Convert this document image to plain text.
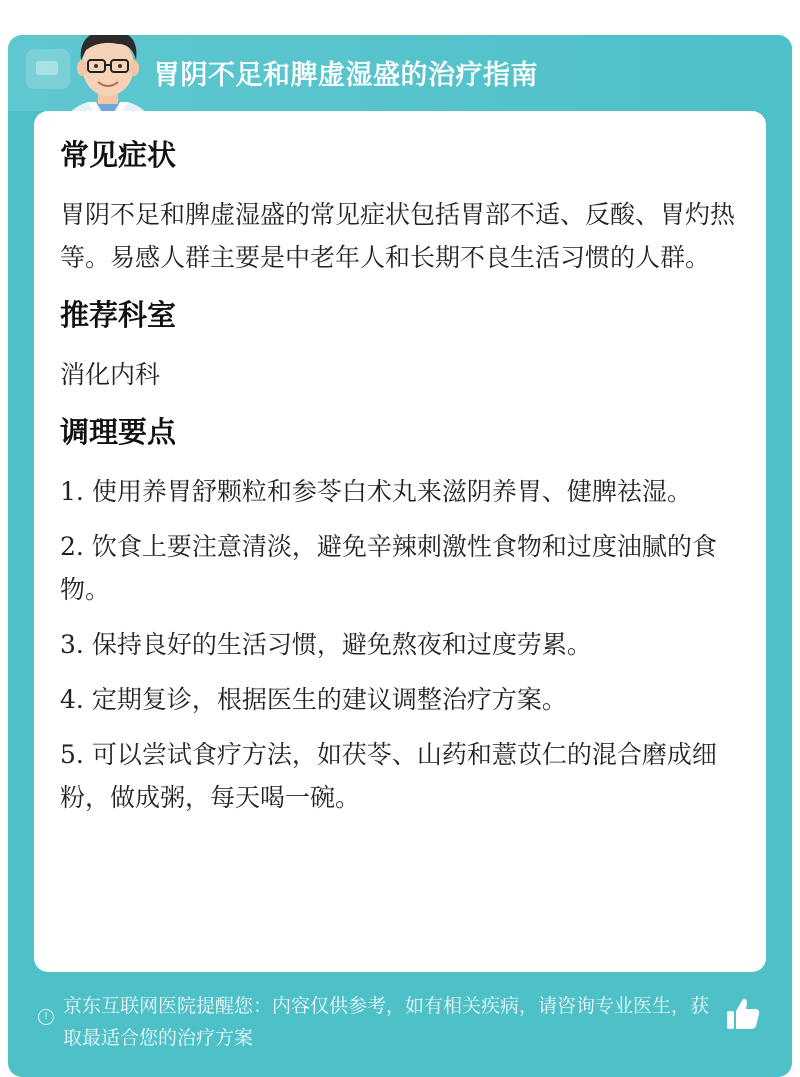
胃阴不足和脾虚湿盛的治疗指南
常见症状
胃阴不足和脾虚湿盛的常见症状包括胃部不适、反酸、胃灼热等。易感人群主要是中老年人和长期不良生活习惯的人群。
推荐科室
消化内科
调理要点
1. 使用养胃舒颗粒和参苓白术丸来滋阴养胃、健脾祛湿。
2. 饮食上要注意清淡，避免辛辣刺激性食物和过度油腻的食物。
3. 保持良好的生活习惯，避免熬夜和过度劳累。
4. 定期复诊，根据医生的建议调整治疗方案。
5. 可以尝试食疗方法，如茯苓、山药和薏苡仁的混合磨成细粉，做成粥，每天喝一碗。
! 京东互联网医院提醒您：内容仅供参考，如有相关疾病，请咨询专业医生，获取最适合您的治疗方案
